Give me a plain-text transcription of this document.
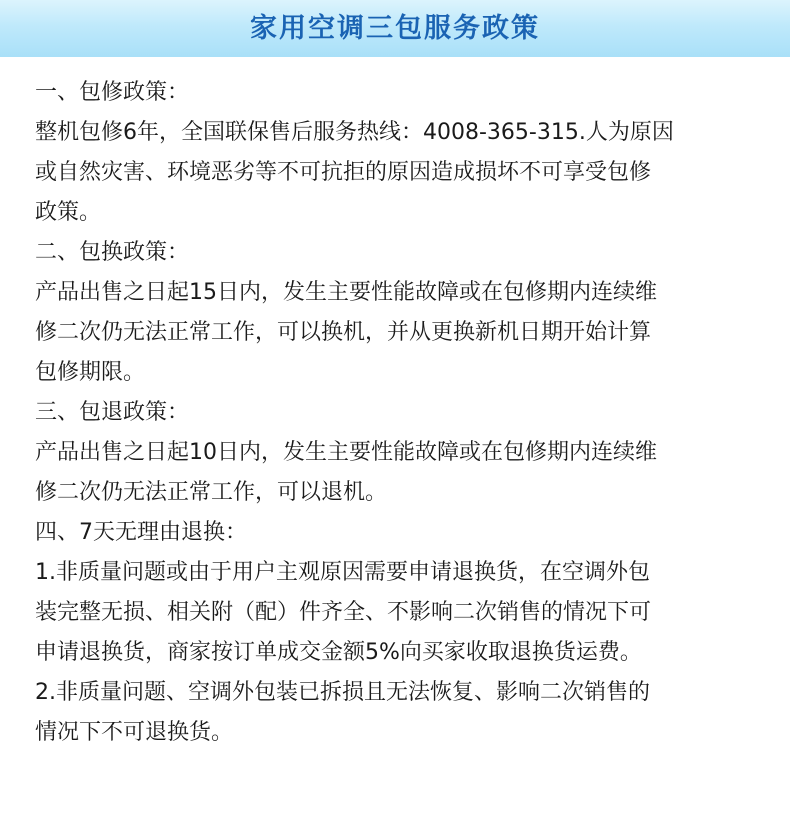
家用空调三包服务政策
一、包修政策：
整机包修6年，全国联保售后服务热线：4008-365-315.人为原因
或自然灾害、环境恶劣等不可抗拒的原因造成损坏不可享受包修
政策。
二、包换政策：
产品出售之日起15日内，发生主要性能故障或在包修期内连续维
修二次仍无法正常工作，可以换机，并从更换新机日期开始计算
包修期限。
三、包退政策：
产品出售之日起10日内，发生主要性能故障或在包修期内连续维
修二次仍无法正常工作，可以退机。
四、7天无理由退换：
1.非质量问题或由于用户主观原因需要申请退换货，在空调外包
装完整无损、相关附（配）件齐全、不影响二次销售的情况下可
申请退换货，商家按订单成交金额5%向买家收取退换货运费。
2.非质量问题、空调外包装已拆损且无法恢复、影响二次销售的
情况下不可退换货。
